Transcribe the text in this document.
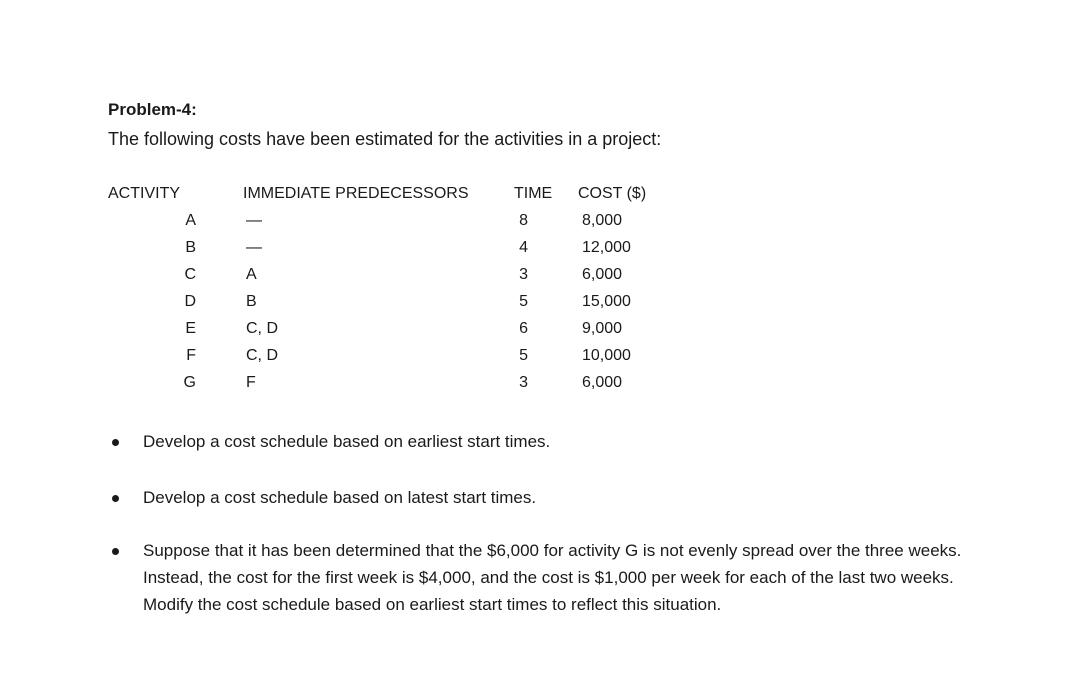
Problem-4:
The following costs have been estimated for the activities in a project:
ACTIVITY	IMMEDIATE PREDECESSORS	TIME COST ($)
A	—	8	8,000
B	—	4	12,000
C	A	3	6,000
D	B	5	15,000
E	C, D	6	9,000
F	C, D	5	10,000
G	F	3	6,000
Develop a cost schedule based on earliest start times.
Develop a cost schedule based on latest start times.
Suppose that it has been determined that the $6,000 for activity G is not evenly spread over the three weeks. Instead, the cost for the first week is $4,000, and the cost is $1,000 per week for each of the last two weeks. Modify the cost schedule based on earliest start times to reflect this situation.
